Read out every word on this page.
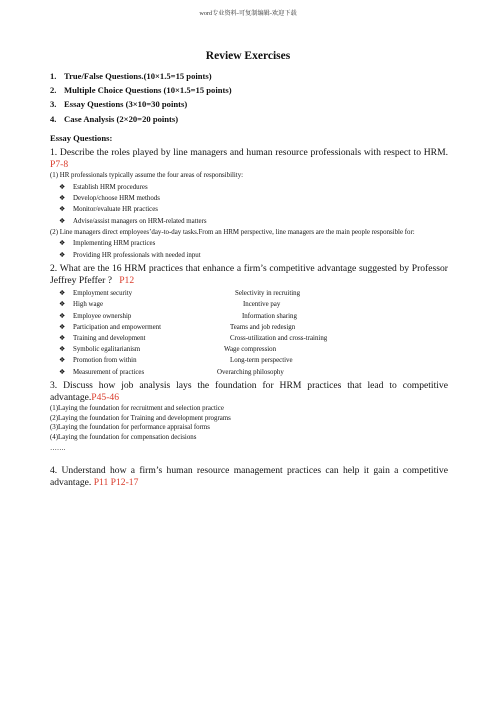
word专业资料-可复制编辑-欢迎下载
Review Exercises
1. True/False Questions.(10×1.5=15 points)
2. Multiple Choice Questions (10×1.5=15 points)
3. Essay Questions (3×10=30 points)
4. Case Analysis (2×20=20 points)
Essay Questions:
1. Describe the roles played by line managers and human resource professionals with respect to HRM. P7-8
(1) HR professionals typically assume the four areas of responsibility:
❖ Establish HRM procedures
❖ Develop/choose HRM methods
❖ Monitor/evaluate HR practices
❖ Advise/assist managers on HRM-related matters
(2) Line managers direct employees’day-to-day tasks.From an HRM perspective, line managers are the main people responsible for:
❖ Implementing HRM practices
❖ Providing HR professionals with needed input
2. What are the 16 HRM practices that enhance a firm’s competitive advantage suggested by Professor Jeffrey Pfeffer ? P12
❖ Employment security	Selectivity in recruiting
❖ High wage	Incentive pay
❖ Employee ownership	Information sharing
❖ Participation and empowerment	Teams and job redesign
❖ Training and development	Cross-utilization and cross-training
❖ Symbolic egalitarianism	Wage compression
❖ Promotion from within	Long-term perspective
❖ Measurement of practices	Overarching philosophy
3. Discuss how job analysis lays the foundation for HRM practices that lead to competitive advantage.P45-46
(1)Laying the foundation for recruitment and selection practice
(2)Laying the foundation for Training and development programs
(3)Laying the foundation for performance appraisal forms
(4)Laying the foundation for compensation decisions
…….
4. Understand how a firm’s human resource management practices can help it gain a competitive advantage. P11 P12-17
